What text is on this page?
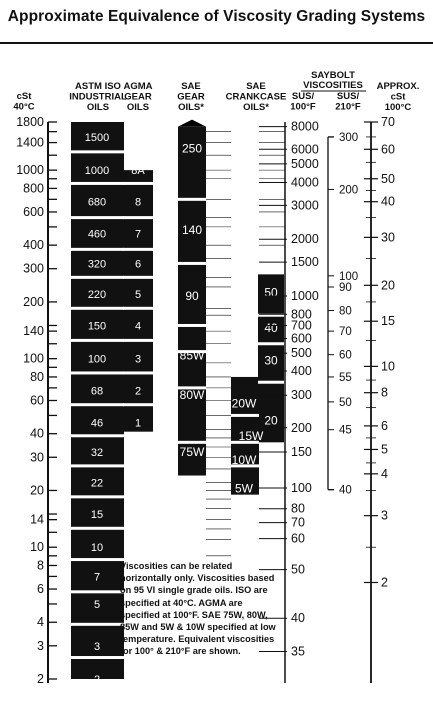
Approximate Equivalence of Viscosity Grading Systems
cSt
40°C
ASTM ISO
INDUSTRIAL
OILS
AGMA
GEAR
OILS
SAE
GEAR
OILS*
SAE
CRANKCASE
OILS*
SAYBOLT
VISCOSITIES
SUS/
100°F
SUS/
210°F
APPROX.
cSt
100°C
1800
1400
1000
800
600
400
300
200
140
100
80
60
40
30
20
14
10
8
6
4
3
2
1500
1000
680
460
320
220
150
100
68
46
32
22
15
10
7
5
3
2
8A
8
7
6
5
4
3
2
1
250
140
90
85W
80W
75W
50
40
30
20
20W
15W
10W
5W
8000
6000
5000
4000
3000
2000
1500
1000
800
700
600
500
400
300
200
150
100
80
70
60
50
40
35
300
200
100
90
80
70
60
55
50
45
40
70
60
50
40
30
20
15
10
8
6
5
4
3
2
Viscosities can be related horizontally only. Viscosities based on 95 VI single grade oils. ISO are specified at 40°C. AGMA are specified at 100°F. SAE 75W, 80W, 85W and 5W & 10W specified at low temperature. Equivalent viscosities for 100° & 210°F are shown.
